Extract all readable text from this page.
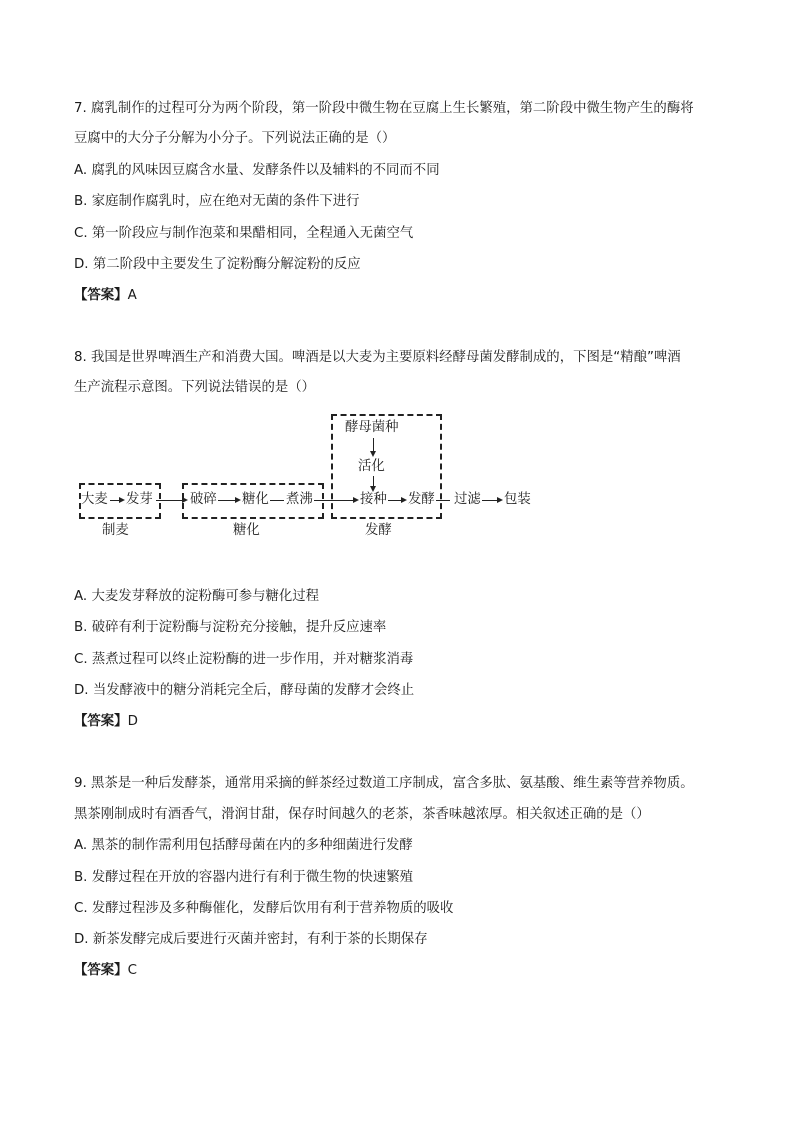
7. 腐乳制作的过程可分为两个阶段，第一阶段中微生物在豆腐上生长繁殖，第二阶段中微生物产生的酶将
豆腐中的大分子分解为小分子。下列说法正确的是（）
A. 腐乳的风味因豆腐含水量、发酵条件以及辅料的不同而不同
B. 家庭制作腐乳时，应在绝对无菌的条件下进行
C. 第一阶段应与制作泡菜和果醋相同，全程通入无菌空气
D. 第二阶段中主要发生了淀粉酶分解淀粉的反应
【答案】A
8. 我国是世界啤酒生产和消费大国。啤酒是以大麦为主要原料经酵母菌发酵制成的，下图是“精酿”啤酒
生产流程示意图。下列说法错误的是（）
酵母菌种
活化
大麦 发芽	破碎 糖化 煮沸	接种 发酵 过滤 包装
制麦	糖化	发酵
A. 大麦发芽释放的淀粉酶可参与糖化过程
B. 破碎有利于淀粉酶与淀粉充分接触，提升反应速率
C. 蒸煮过程可以终止淀粉酶的进一步作用，并对糖浆消毒
D. 当发酵液中的糖分消耗完全后，酵母菌的发酵才会终止
【答案】D
9. 黑茶是一种后发酵茶，通常用采摘的鲜茶经过数道工序制成，富含多肽、氨基酸、维生素等营养物质。
黑茶刚制成时有酒香气，滑润甘甜，保存时间越久的老茶，茶香味越浓厚。相关叙述正确的是（）
A. 黑茶的制作需利用包括酵母菌在内的多种细菌进行发酵
B. 发酵过程在开放的容器内进行有利于微生物的快速繁殖
C. 发酵过程涉及多种酶催化，发酵后饮用有利于营养物质的吸收
D. 新茶发酵完成后要进行灭菌并密封，有利于茶的长期保存
【答案】C
